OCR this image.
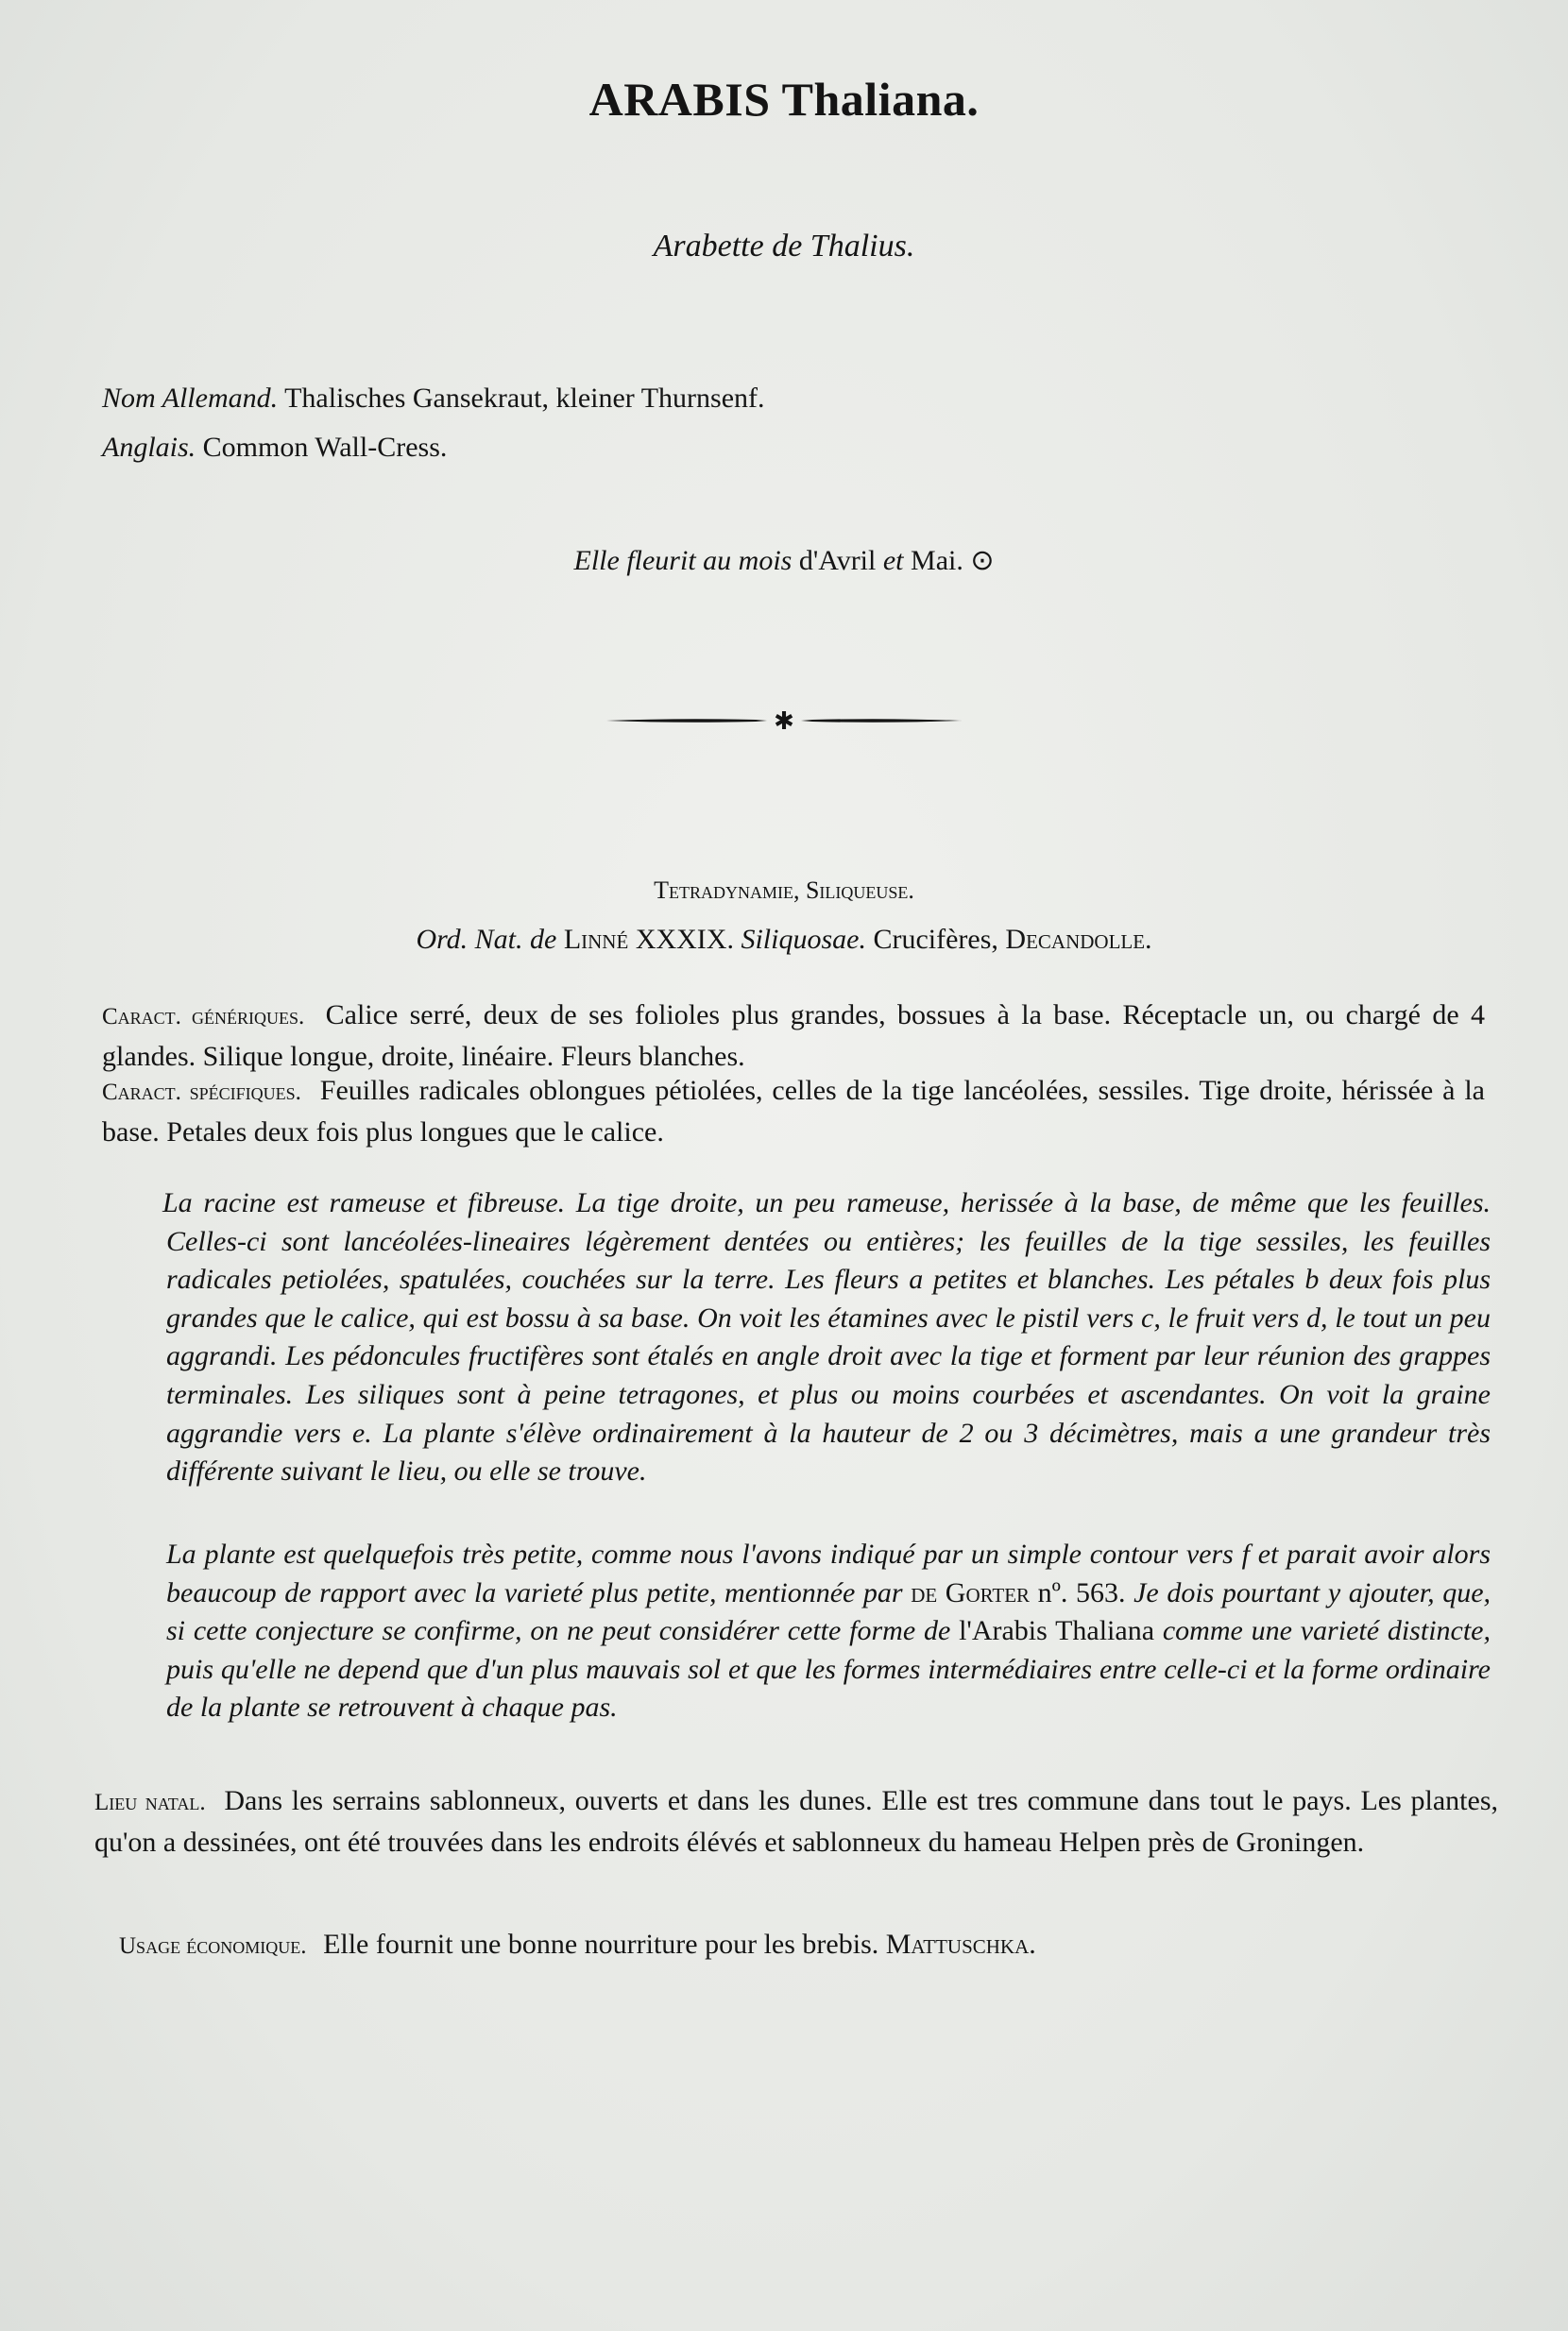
ARABIS Thaliana.
Arabette de Thalius.
Nom Allemand. Thalisches Gansekraut, kleiner Thurnsenf.
Anglais. Common Wall-Cress.
Elle fleurit au mois d'Avril et Mai. ⊙
✱
Tetradynamie, Siliqueuse.
Ord. Nat. de Linné XXXIX. Siliquosae. Crucifères, Decandolle.
Caract. génériques. Calice serré, deux de ses folioles plus grandes, bossues à la base. Réceptacle un, ou chargé de 4 glandes. Silique longue, droite, linéaire. Fleurs blanches.
Caract. spécifiques. Feuilles radicales oblongues pétiolées, celles de la tige lancéolées, sessiles. Tige droite, hérissée à la base. Petales deux fois plus longues que le calice.
La racine est rameuse et fibreuse. La tige droite, un peu rameuse, herissée à la base, de même que les feuilles. Celles-ci sont lancéolées-lineaires légèrement dentées ou entières; les feuilles de la tige sessiles, les feuilles radicales petiolées, spatulées, couchées sur la terre. Les fleurs a petites et blanches. Les pétales b deux fois plus grandes que le calice, qui est bossu à sa base. On voit les étamines avec le pistil vers c, le fruit vers d, le tout un peu aggrandi. Les pédoncules fructifères sont étalés en angle droit avec la tige et forment par leur réunion des grappes terminales. Les siliques sont à peine tetragones, et plus ou moins courbées et ascendantes. On voit la graine aggrandie vers e. La plante s'élève ordinairement à la hauteur de 2 ou 3 décimètres, mais a une grandeur très différente suivant le lieu, ou elle se trouve.
La plante est quelquefois très petite, comme nous l'avons indiqué par un simple contour vers f et parait avoir alors beaucoup de rapport avec la varieté plus petite, mentionnée par de Gorter nº. 563. Je dois pourtant y ajouter, que, si cette conjecture se confirme, on ne peut considérer cette forme de l'Arabis Thaliana comme une varieté distincte, puis qu'elle ne depend que d'un plus mauvais sol et que les formes intermédiaires entre celle-ci et la forme ordinaire de la plante se retrouvent à chaque pas.
Lieu natal. Dans les serrains sablonneux, ouverts et dans les dunes. Elle est tres commune dans tout le pays. Les plantes, qu'on a dessinées, ont été trouvées dans les endroits élévés et sablonneux du hameau Helpen près de Groningen.
Usage économique. Elle fournit une bonne nourriture pour les brebis. Mattuschka.
